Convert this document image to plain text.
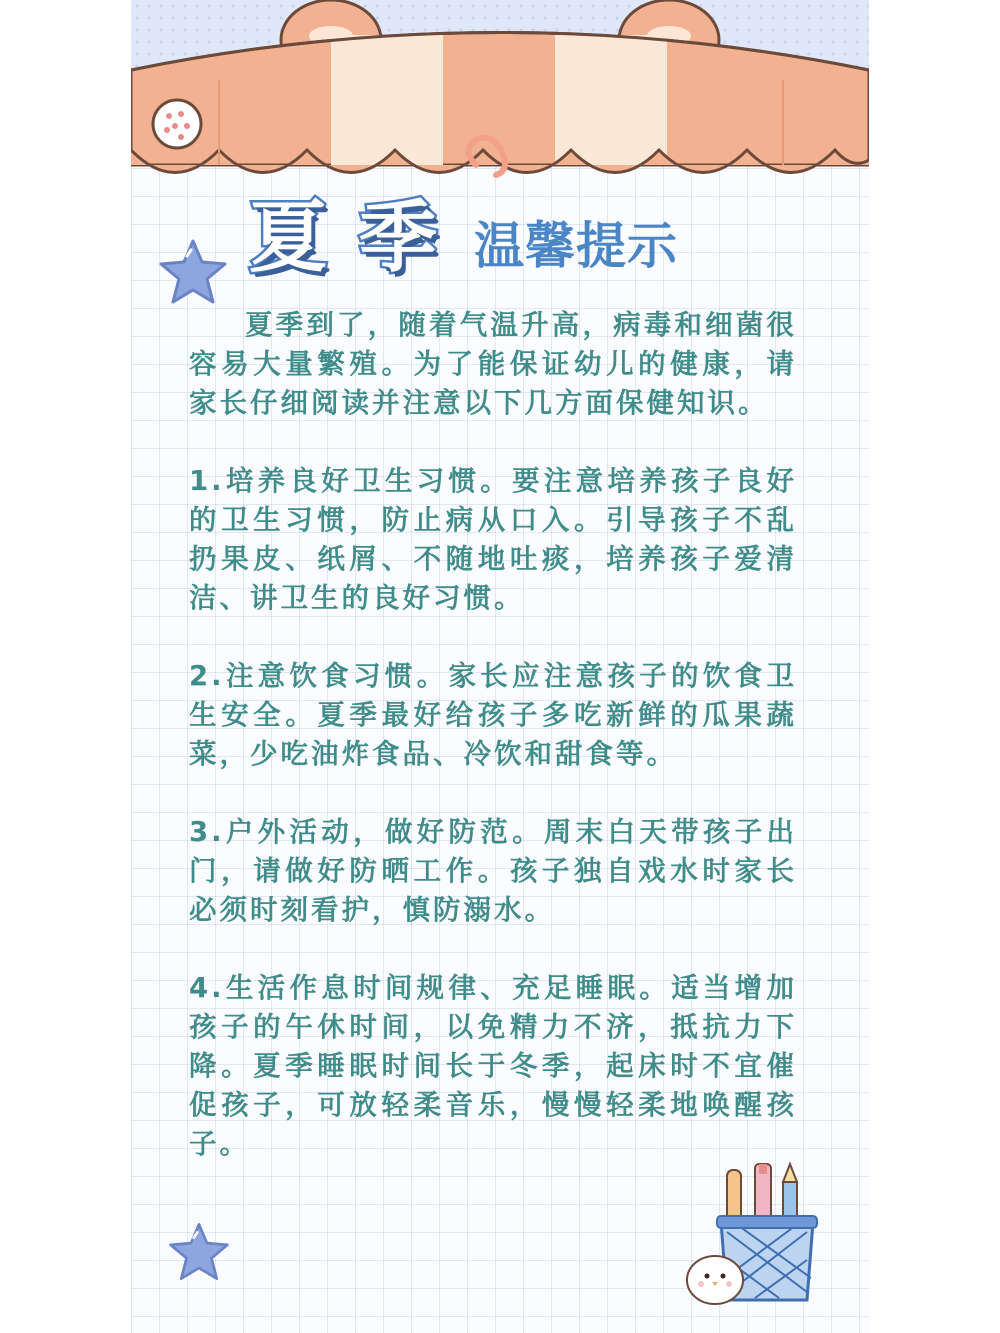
夏 季 温馨提示

夏季到了，随着气温升高，病毒和细菌很容易大量繁殖。为了能保证幼儿的健康，请家长仔细阅读并注意以下几方面保健知识。

1.培养良好卫生习惯。要注意培养孩子良好的卫生习惯，防止病从口入。引导孩子不乱扔果皮、纸屑、不随地吐痰，培养孩子爱清洁、讲卫生的良好习惯。

2.注意饮食习惯。家长应注意孩子的饮食卫生安全。夏季最好给孩子多吃新鲜的瓜果蔬菜，少吃油炸食品、冷饮和甜食等。

3.户外活动，做好防范。周末白天带孩子出门，请做好防晒工作。孩子独自戏水时家长必须时刻看护，慎防溺水。

4.生活作息时间规律、充足睡眠。适当增加孩子的午休时间，以免精力不济，抵抗力下降。夏季睡眠时间长于冬季，起床时不宜催促孩子，可放轻柔音乐，慢慢轻柔地唤醒孩子。
